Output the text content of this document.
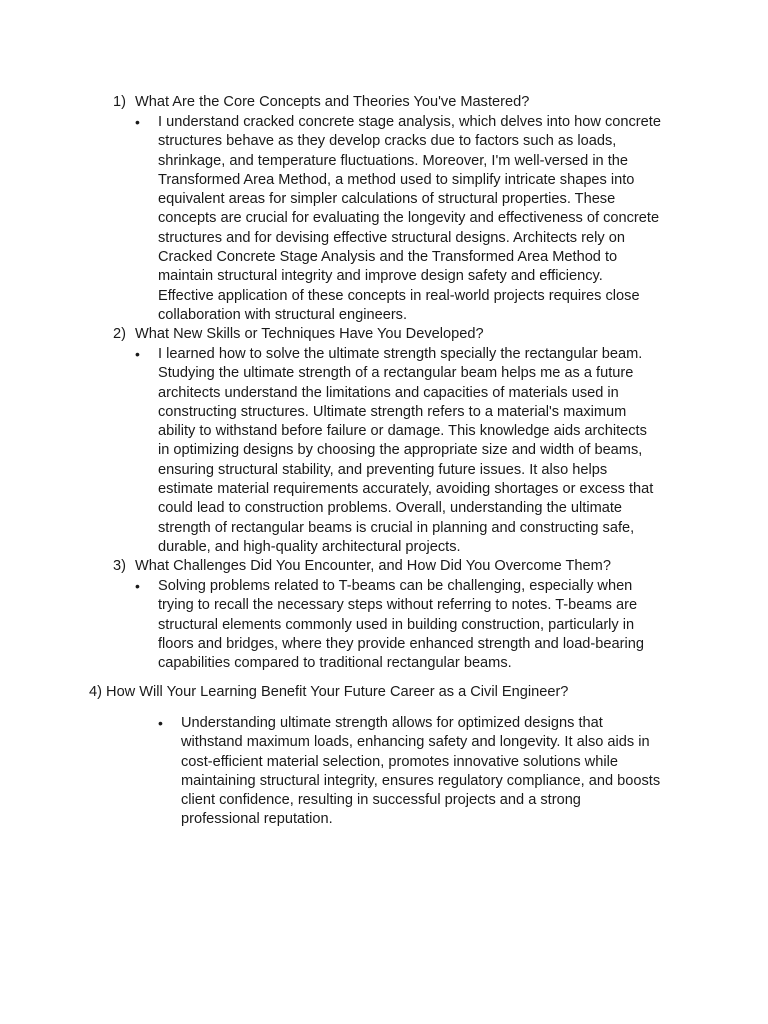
1) What Are the Core Concepts and Theories You've Mastered?
• I understand cracked concrete stage analysis, which delves into how concrete
structures behave as they develop cracks due to factors such as loads,
shrinkage, and temperature fluctuations. Moreover, I'm well-versed in the
Transformed Area Method, a method used to simplify intricate shapes into
equivalent areas for simpler calculations of structural properties. These
concepts are crucial for evaluating the longevity and effectiveness of concrete
structures and for devising effective structural designs. Architects rely on
Cracked Concrete Stage Analysis and the Transformed Area Method to
maintain structural integrity and improve design safety and efficiency.
Effective application of these concepts in real-world projects requires close
collaboration with structural engineers.
2) What New Skills or Techniques Have You Developed?
• I learned how to solve the ultimate strength specially the rectangular beam.
Studying the ultimate strength of a rectangular beam helps me as a future
architects understand the limitations and capacities of materials used in
constructing structures. Ultimate strength refers to a material's maximum
ability to withstand before failure or damage. This knowledge aids architects
in optimizing designs by choosing the appropriate size and width of beams,
ensuring structural stability, and preventing future issues. It also helps
estimate material requirements accurately, avoiding shortages or excess that
could lead to construction problems. Overall, understanding the ultimate
strength of rectangular beams is crucial in planning and constructing safe,
durable, and high-quality architectural projects.
3) What Challenges Did You Encounter, and How Did You Overcome Them?
• Solving problems related to T-beams can be challenging, especially when
trying to recall the necessary steps without referring to notes. T-beams are
structural elements commonly used in building construction, particularly in
floors and bridges, where they provide enhanced strength and load-bearing
capabilities compared to traditional rectangular beams.
4) How Will Your Learning Benefit Your Future Career as a Civil Engineer?
• Understanding ultimate strength allows for optimized designs that
withstand maximum loads, enhancing safety and longevity. It also aids in
cost-efficient material selection, promotes innovative solutions while
maintaining structural integrity, ensures regulatory compliance, and boosts
client confidence, resulting in successful projects and a strong
professional reputation.
